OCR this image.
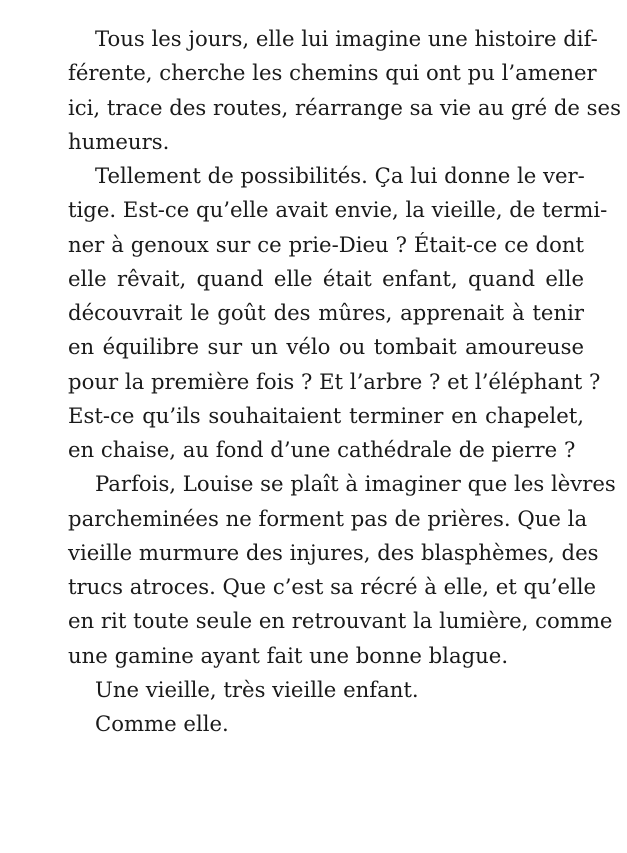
Tous les jours, elle lui imagine une histoire dif-
férente, cherche les chemins qui ont pu l’amener
ici, trace des routes, réarrange sa vie au gré de ses
humeurs.
Tellement de possibilités. Ça lui donne le ver-
tige. Est-ce qu’elle avait envie, la vieille, de termi-
ner à genoux sur ce prie-Dieu ? Était-ce ce dont
elle rêvait, quand elle était enfant, quand elle
découvrait le goût des mûres, apprenait à tenir
en équilibre sur un vélo ou tombait amoureuse
pour la première fois ? Et l’arbre ? et l’éléphant ?
Est-ce qu’ils souhaitaient terminer en chapelet,
en chaise, au fond d’une cathédrale de pierre ?
Parfois, Louise se plaît à imaginer que les lèvres
parcheminées ne forment pas de prières. Que la
vieille murmure des injures, des blasphèmes, des
trucs atroces. Que c’est sa récré à elle, et qu’elle
en rit toute seule en retrouvant la lumière, comme
une gamine ayant fait une bonne blague.
Une vieille, très vieille enfant.
Comme elle.
